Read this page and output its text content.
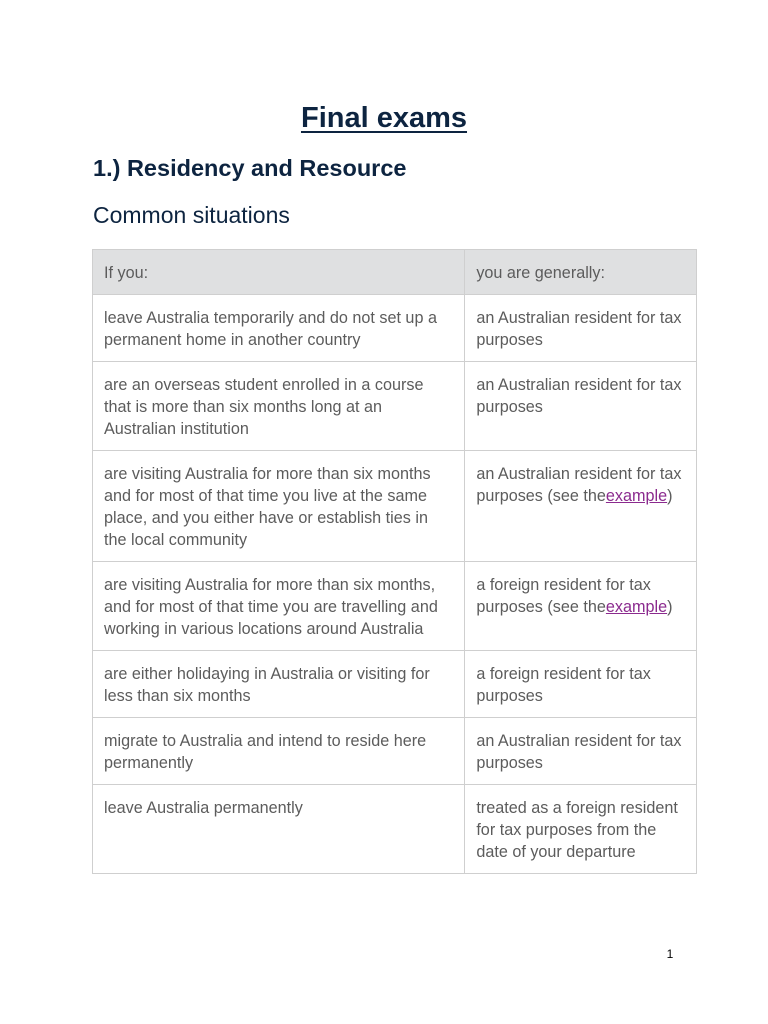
Final exams
1.) Residency and Resource
Common situations
If you:	you are generally:
leave Australia temporarily and do not set up a permanent home in another country	an Australian resident for tax purposes
are an overseas student enrolled in a course that is more than six months long at an Australian institution	an Australian resident for tax purposes
are visiting Australia for more than six months and for most of that time you live at the same place, and you either have or establish ties in the local community	an Australian resident for tax purposes (see theexample)
are visiting Australia for more than six months, and for most of that time you are travelling and working in various locations around Australia	a foreign resident for tax purposes (see theexample)
are either holidaying in Australia or visiting for less than six months	a foreign resident for tax purposes
migrate to Australia and intend to reside here permanently	an Australian resident for tax purposes
leave Australia permanently	treated as a foreign resident for tax purposes from the date of your departure
1
